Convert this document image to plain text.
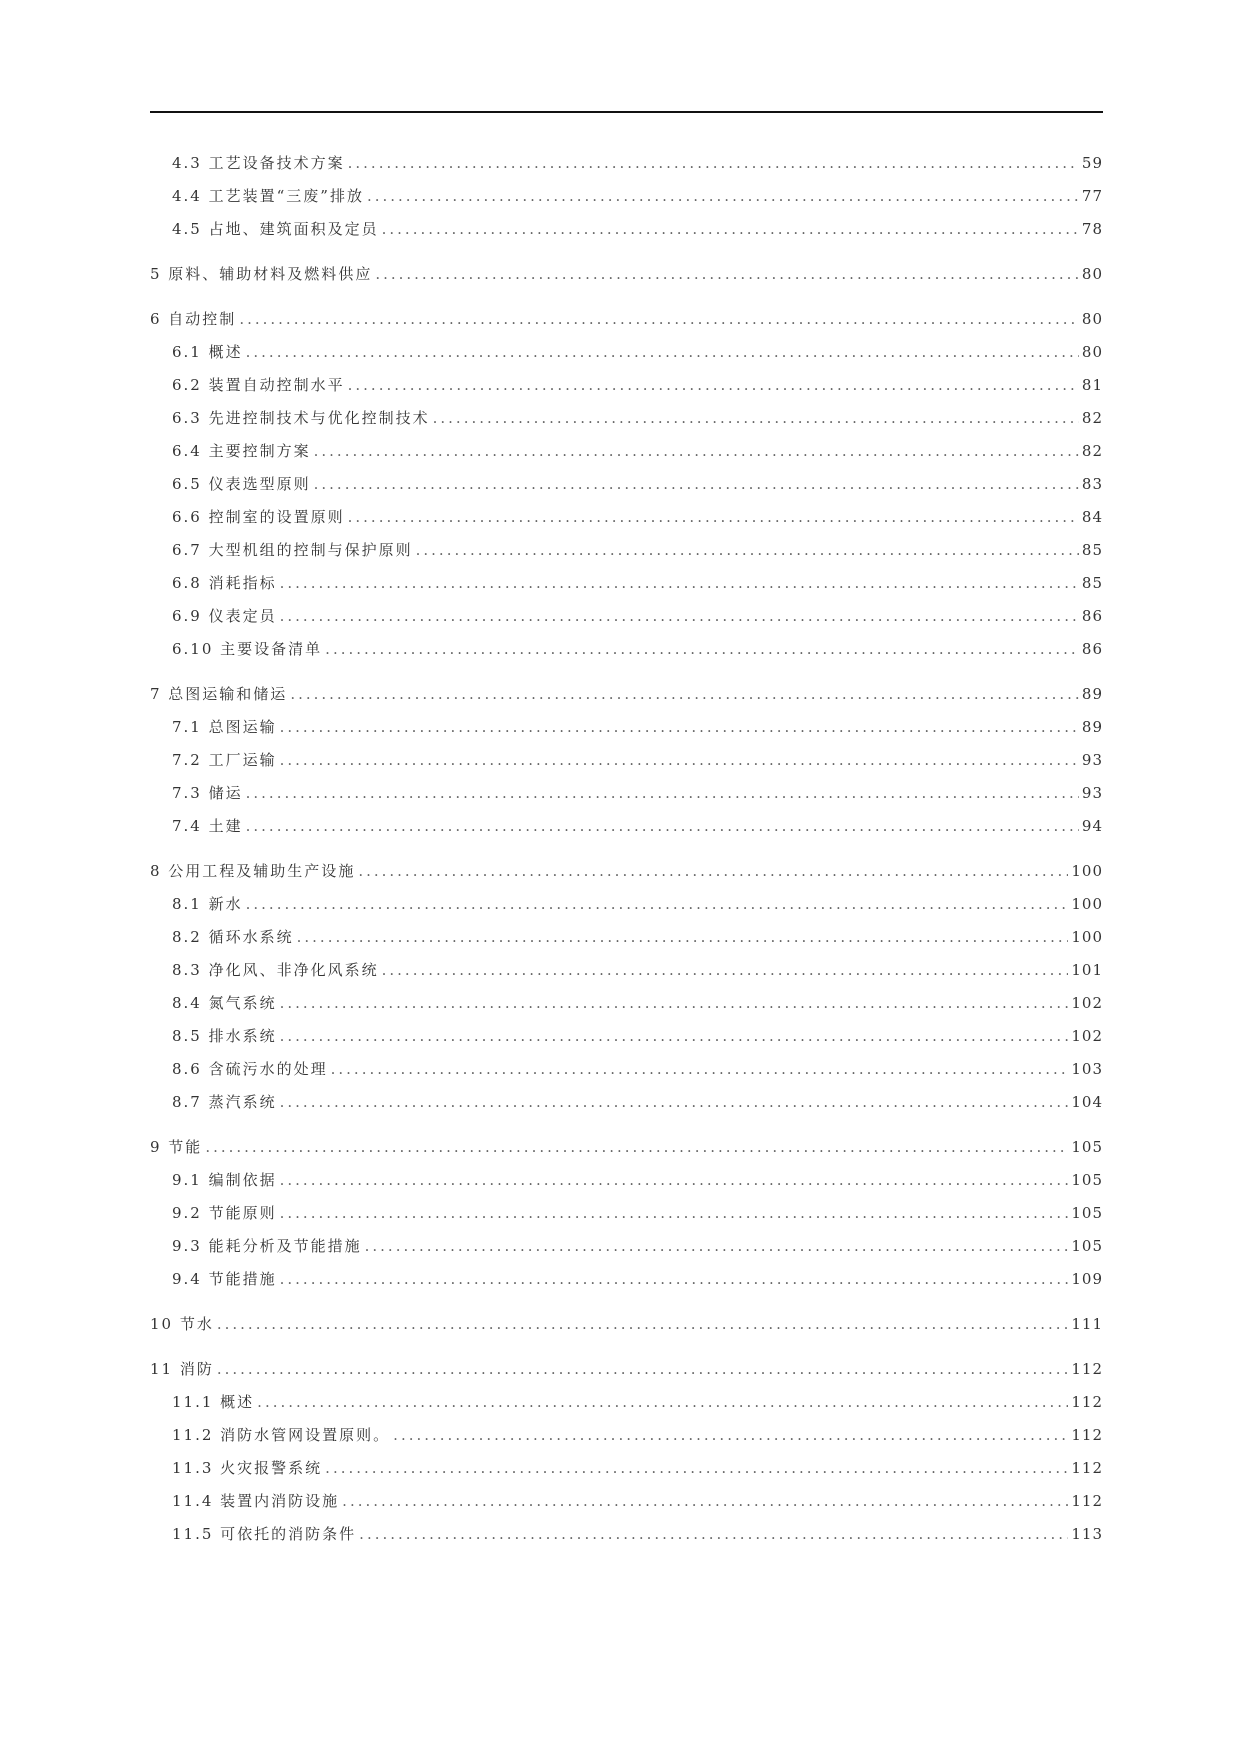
4.3 工艺设备技术方案 .....	59
4.4 工艺装置“三废”排放 .....	77
4.5 占地、建筑面积及定员 .....	78
5 原料、辅助材料及燃料供应 .....	80
6 自动控制 .....	80
6.1 概述 .....	80
6.2 装置自动控制水平 .....	81
6.3 先进控制技术与优化控制技术 .....	82
6.4 主要控制方案 .....	82
6.5 仪表选型原则 .....	83
6.6 控制室的设置原则 .....	84
6.7 大型机组的控制与保护原则 .....	85
6.8 消耗指标 .....	85
6.9 仪表定员 .....	86
6.10 主要设备清单 .....	86
7 总图运输和储运 .....	89
7.1 总图运输 .....	89
7.2 工厂运输 .....	93
7.3 储运 .....	93
7.4 土建 .....	94
8 公用工程及辅助生产设施 .....	100
8.1 新水 .....	100
8.2 循环水系统 .....	100
8.3 净化风、非净化风系统 .....	101
8.4 氮气系统 .....	102
8.5 排水系统 .....	102
8.6 含硫污水的处理 .....	103
8.7 蒸汽系统 .....	104
9 节能 .....	105
9.1 编制依据 .....	105
9.2 节能原则 .....	105
9.3 能耗分析及节能措施 .....	105
9.4 节能措施 .....	109
10 节水 .....	111
11 消防 .....	112
11.1 概述 .....	112
11.2 消防水管网设置原则。 .....	112
11.3 火灾报警系统 .....	112
11.4 装置内消防设施 .....	112
11.5 可依托的消防条件 .....	113
